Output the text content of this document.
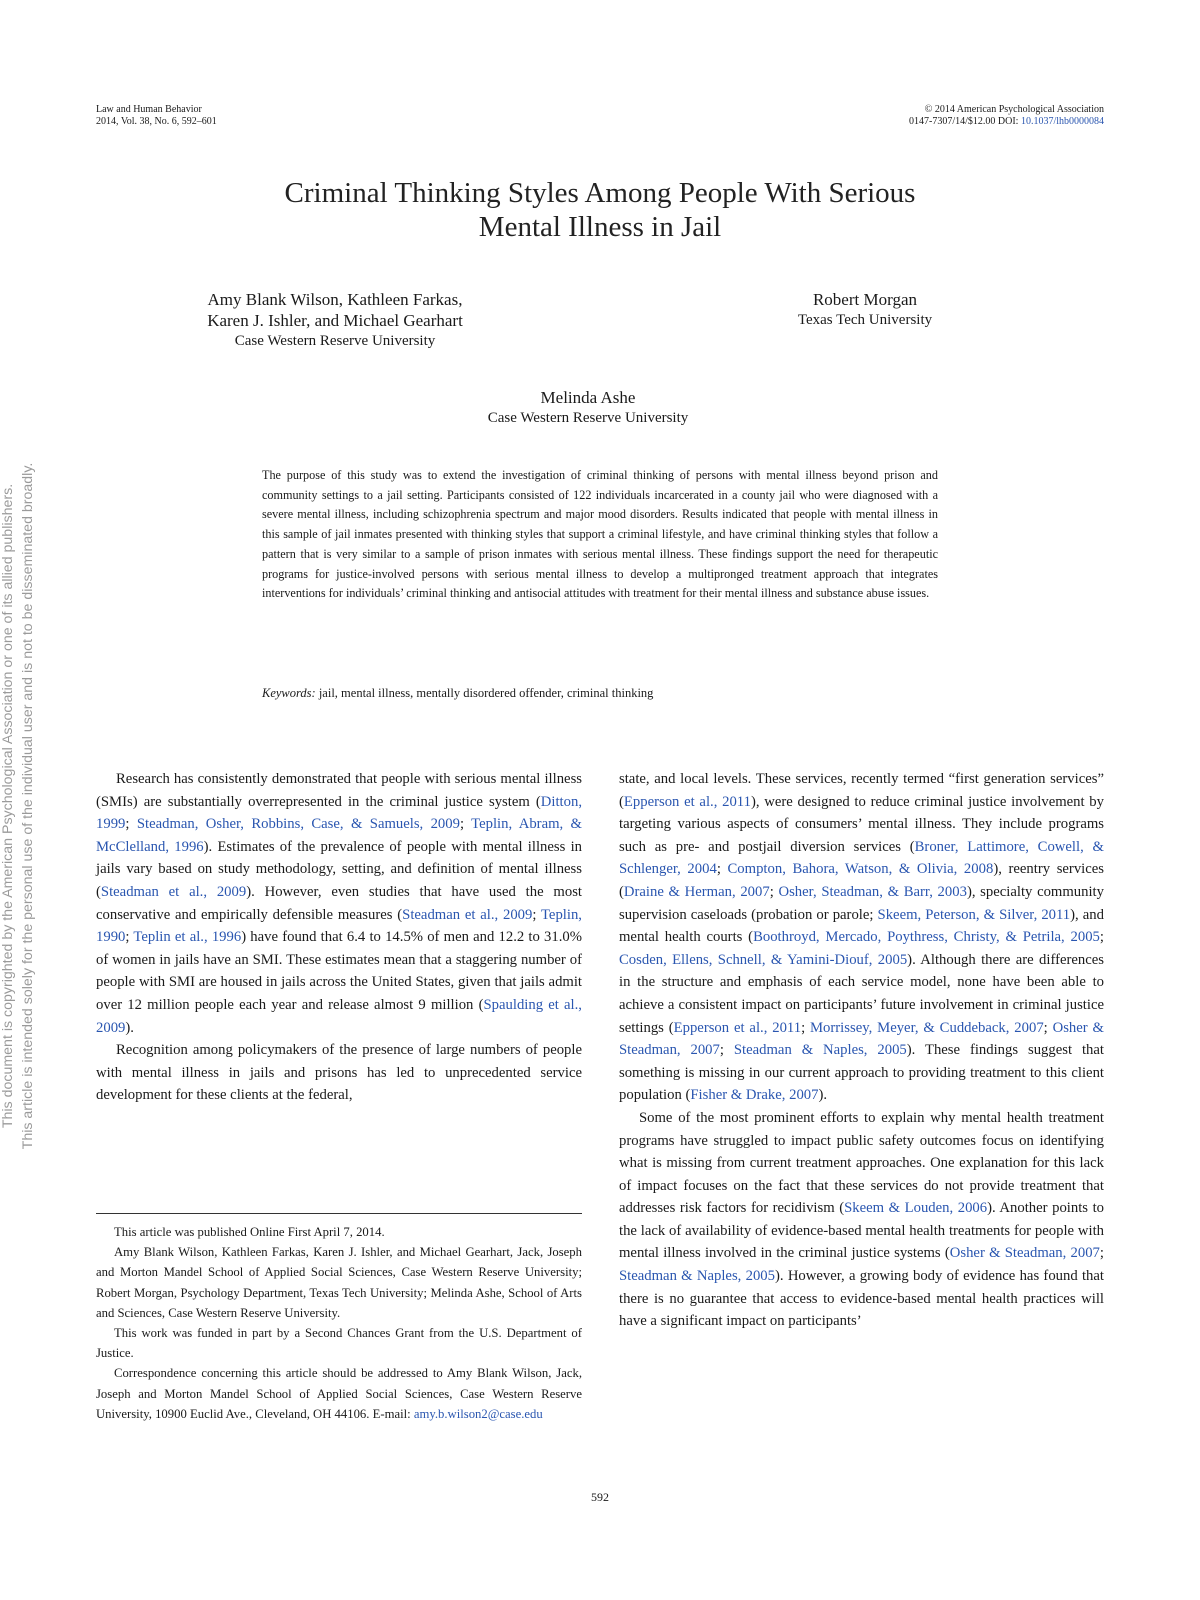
Law and Human Behavior
2014, Vol. 38, No. 6, 592–601
© 2014 American Psychological Association
0147-7307/14/$12.00 DOI: 10.1037/lhb0000084
Criminal Thinking Styles Among People With Serious
Mental Illness in Jail
Amy Blank Wilson, Kathleen Farkas,
Karen J. Ishler, and Michael Gearhart
Case Western Reserve University
Robert Morgan
Texas Tech University
Melinda Ashe
Case Western Reserve University
The purpose of this study was to extend the investigation of criminal thinking of persons with mental illness beyond prison and community settings to a jail setting. Participants consisted of 122 individuals incarcerated in a county jail who were diagnosed with a severe mental illness, including schizophrenia spectrum and major mood disorders. Results indicated that people with mental illness in this sample of jail inmates presented with thinking styles that support a criminal lifestyle, and have criminal thinking styles that follow a pattern that is very similar to a sample of prison inmates with serious mental illness. These findings support the need for therapeutic programs for justice-involved persons with serious mental illness to develop a multipronged treatment approach that integrates interventions for individuals’ criminal thinking and antisocial attitudes with treatment for their mental illness and substance abuse issues.
Keywords: jail, mental illness, mentally disordered offender, criminal thinking

Research has consistently demonstrated that people with serious mental illness (SMIs) are substantially overrepresented in the criminal justice system (Ditton, 1999; Steadman, Osher, Robbins, Case, & Samuels, 2009; Teplin, Abram, & McClelland, 1996). Estimates of the prevalence of people with mental illness in jails vary based on study methodology, setting, and definition of mental illness (Steadman et al., 2009). However, even studies that have used the most conservative and empirically defensible measures (Steadman et al., 2009; Teplin, 1990; Teplin et al., 1996) have found that 6.4 to 14.5% of men and 12.2 to 31.0% of women in jails have an SMI. These estimates mean that a staggering number of people with SMI are housed in jails across the United States, given that jails admit over 12 million people each year and release almost 9 million (Spaulding et al., 2009).

Recognition among policymakers of the presence of large numbers of people with mental illness in jails and prisons has led to unprecedented service development for these clients at the federal,

This article was published Online First April 7, 2014.

Amy Blank Wilson, Kathleen Farkas, Karen J. Ishler, and Michael Gearhart, Jack, Joseph and Morton Mandel School of Applied Social Sciences, Case Western Reserve University; Robert Morgan, Psychology Department, Texas Tech University; Melinda Ashe, School of Arts and Sciences, Case Western Reserve University.

This work was funded in part by a Second Chances Grant from the U.S. Department of Justice.

Correspondence concerning this article should be addressed to Amy Blank Wilson, Jack, Joseph and Morton Mandel School of Applied Social Sciences, Case Western Reserve University, 10900 Euclid Ave., Cleveland, OH 44106. E-mail: amy.b.wilson2@case.edu

state, and local levels. These services, recently termed “first generation services” (Epperson et al., 2011), were designed to reduce criminal justice involvement by targeting various aspects of consumers’ mental illness. They include programs such as pre- and postjail diversion services (Broner, Lattimore, Cowell, & Schlenger, 2004; Compton, Bahora, Watson, & Olivia, 2008), reentry services (Draine & Herman, 2007; Osher, Steadman, & Barr, 2003), specialty community supervision caseloads (probation or parole; Skeem, Peterson, & Silver, 2011), and mental health courts (Boothroyd, Mercado, Poythress, Christy, & Petrila, 2005; Cosden, Ellens, Schnell, & Yamini-Diouf, 2005). Although there are differences in the structure and emphasis of each service model, none have been able to achieve a consistent impact on participants’ future involvement in criminal justice settings (Epperson et al., 2011; Morrissey, Meyer, & Cuddeback, 2007; Osher & Steadman, 2007; Steadman & Naples, 2005). These findings suggest that something is missing in our current approach to providing treatment to this client population (Fisher & Drake, 2007).

Some of the most prominent efforts to explain why mental health treatment programs have struggled to impact public safety outcomes focus on identifying what is missing from current treatment approaches. One explanation for this lack of impact focuses on the fact that these services do not provide treatment that addresses risk factors for recidivism (Skeem & Louden, 2006). Another points to the lack of availability of evidence-based mental health treatments for people with mental illness involved in the criminal justice systems (Osher & Steadman, 2007; Steadman & Naples, 2005). However, a growing body of evidence has found that there is no guarantee that access to evidence-based mental health practices will have a significant impact on participants’

592
This document is copyrighted by the American Psychological Association or one of its allied publishers. This article is intended solely for the personal use of the individual user and is not to be disseminated broadly.
